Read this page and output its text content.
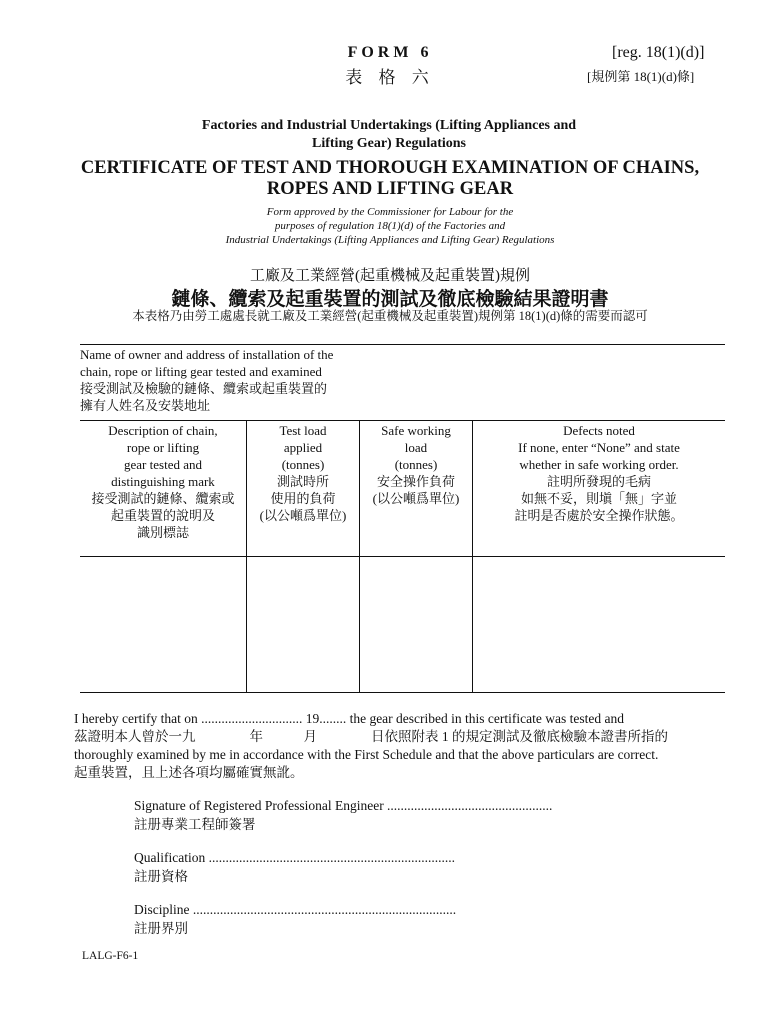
FORM 6
表 格 六
[reg. 18(1)(d)]
[規例第 18(1)(d)條]
Factories and Industrial Undertakings (Lifting Appliances and
Lifting Gear) Regulations
CERTIFICATE OF TEST AND THOROUGH EXAMINATION OF CHAINS,
ROPES AND LIFTING GEAR
Form approved by the Commissioner for Labour for the
purposes of regulation 18(1)(d) of the Factories and
Industrial Undertakings (Lifting Appliances and Lifting Gear) Regulations
工廠及工業經營(起重機械及起重裝置)規例
鏈條、纜索及起重裝置的測試及徹底檢驗結果證明書
本表格乃由勞工處處長就工廠及工業經營(起重機械及起重裝置)規例第 18(1)(d)條的需要而認可
Name of owner and address of installation of the
chain, rope or lifting gear tested and examined
接受測試及檢驗的鏈條、纜索或起重裝置的
擁有人姓名及安裝地址
Description of chain,
rope or lifting
gear tested and
distinguishing mark
接受測試的鏈條、纜索或
起重裝置的說明及
識別標誌
Test load
applied
(tonnes)
測試時所
使用的負荷
(以公噸爲單位)
Safe working
load
(tonnes)
安全操作負荷
(以公噸爲單位)
Defects noted
If none, enter “None” and state
whether in safe working order.
註明所發現的毛病
如無不妥，則塡「無」字並
註明是否處於安全操作狀態。
I hereby certify that on .............................. 19........ the gear described in this certificate was tested and
茲證明本人曾於一九　　　　年　　　月　　　　日依照附表 1 的規定測試及徹底檢驗本證書所指的
thoroughly examined by me in accordance with the First Schedule and that the above particulars are correct.
起重裝置，且上述各項均屬確實無訛。
Signature of Registered Professional Engineer .................................................
註册專業工程師簽署
Qualification .........................................................................
註册資格
Discipline ..............................................................................
註册界別
LALG-F6-1
